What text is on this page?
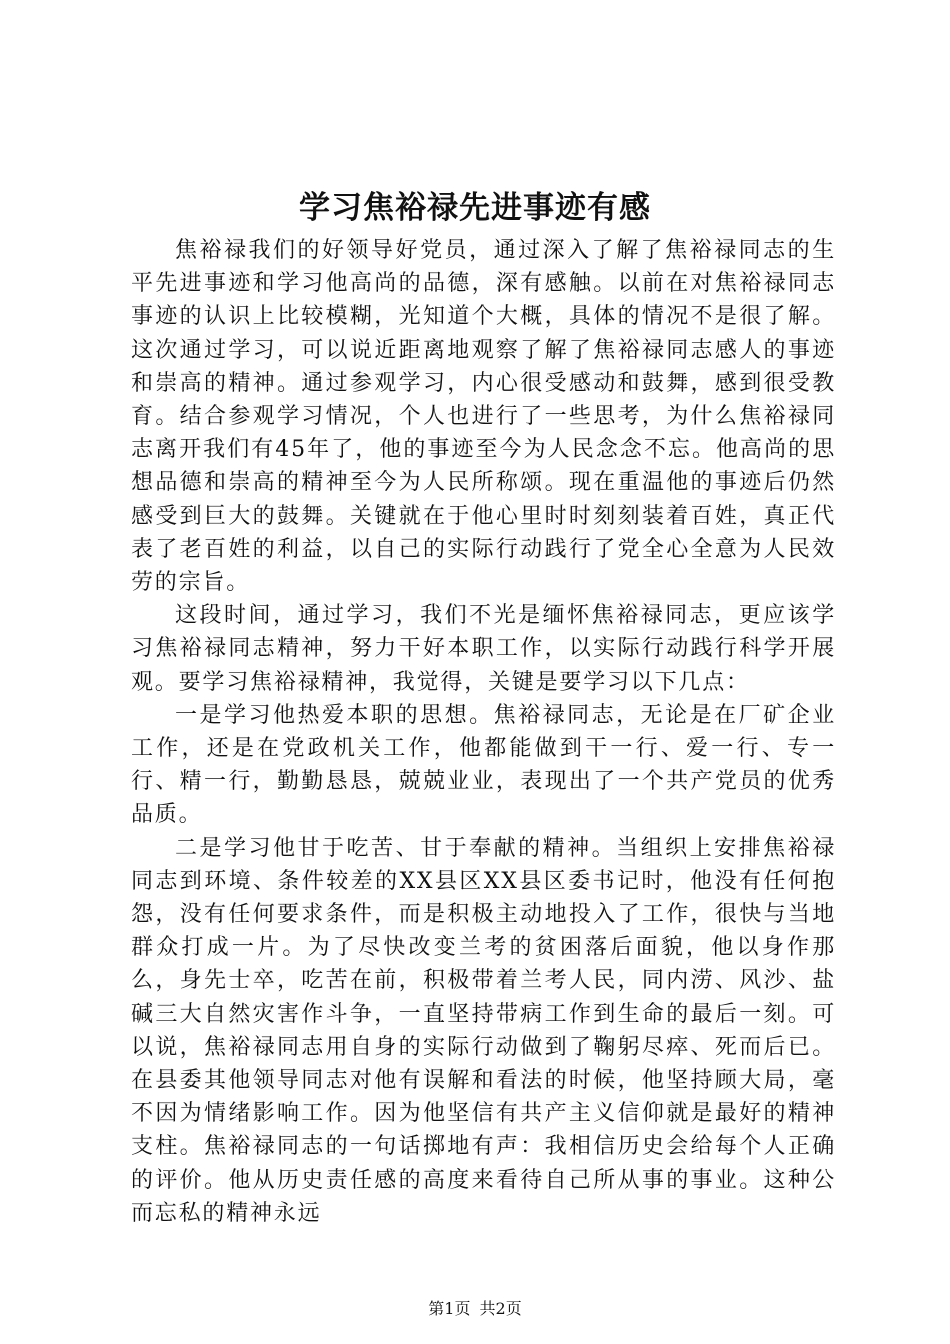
学习焦裕禄先进事迹有感

焦裕禄我们的好领导好党员，通过深入了解了焦裕禄同志的生平先进事迹和学习他高尚的品德，深有感触。以前在对焦裕禄同志事迹的认识上比较模糊，光知道个大概，具体的情况不是很了解。这次通过学习，可以说近距离地观察了解了焦裕禄同志感人的事迹和崇高的精神。通过参观学习，内心很受感动和鼓舞，感到很受教育。结合参观学习情况，个人也进行了一些思考，为什么焦裕禄同志离开我们有45年了，他的事迹至今为人民念念不忘。他高尚的思想品德和崇高的精神至今为人民所称颂。现在重温他的事迹后仍然感受到巨大的鼓舞。关键就在于他心里时时刻刻装着百姓，真正代表了老百姓的利益，以自己的实际行动践行了党全心全意为人民效劳的宗旨。

这段时间，通过学习，我们不光是缅怀焦裕禄同志，更应该学习焦裕禄同志精神，努力干好本职工作，以实际行动践行科学开展观。要学习焦裕禄精神，我觉得，关键是要学习以下几点：

一是学习他热爱本职的思想。焦裕禄同志，无论是在厂矿企业工作，还是在党政机关工作，他都能做到干一行、爱一行、专一行、精一行，勤勤恳恳，兢兢业业，表现出了一个共产党员的优秀品质。

二是学习他甘于吃苦、甘于奉献的精神。当组织上安排焦裕禄同志到环境、条件较差的XX县区XX县区委书记时，他没有任何抱怨，没有任何要求条件，而是积极主动地投入了工作，很快与当地群众打成一片。为了尽快改变兰考的贫困落后面貌，他以身作那么，身先士卒，吃苦在前，积极带着兰考人民，同内涝、风沙、盐碱三大自然灾害作斗争，一直坚持带病工作到生命的最后一刻。可以说，焦裕禄同志用自身的实际行动做到了鞠躬尽瘁、死而后已。在县委其他领导同志对他有误解和看法的时候，他坚持顾大局，毫不因为情绪影响工作。因为他坚信有共产主义信仰就是最好的精神支柱。焦裕禄同志的一句话掷地有声：我相信历史会给每个人正确的评价。他从历史责任感的高度来看待自己所从事的事业。这种公而忘私的精神永远

第1页 共2页
